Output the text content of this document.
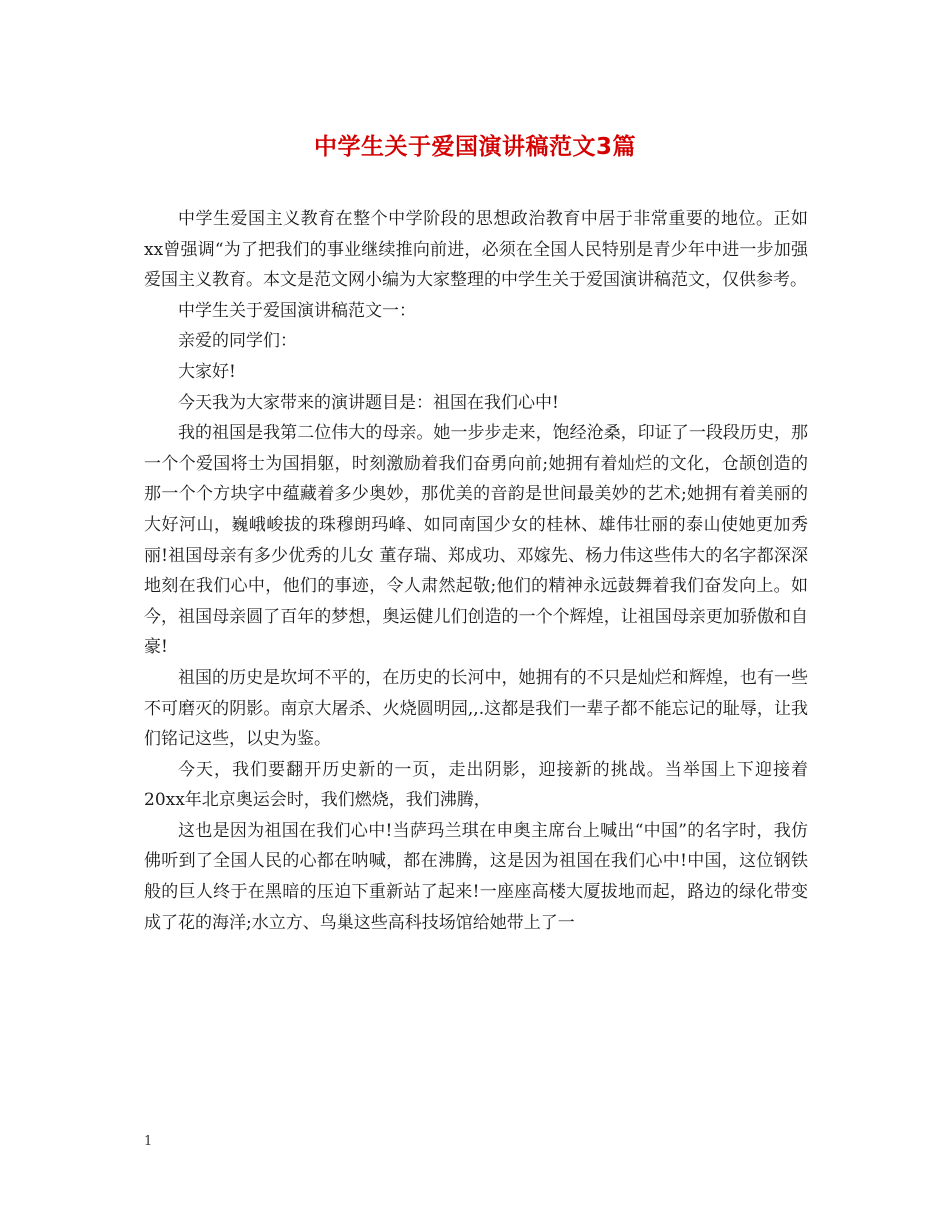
中学生关于爱国演讲稿范文3篇

中学生爱国主义教育在整个中学阶段的思想政治教育中居于非常重要的地位。正如xx曾强调“为了把我们的事业继续推向前进，必须在全国人民特别是青少年中进一步加强爱国主义教育。本文是范文网小编为大家整理的中学生关于爱国演讲稿范文，仅供参考。

中学生关于爱国演讲稿范文一：

亲爱的同学们：

大家好!

今天我为大家带来的演讲题目是：祖国在我们心中!

我的祖国是我第二位伟大的母亲。她一步步走来，饱经沧桑，印证了一段段历史，那一个个爱国将士为国捐躯，时刻激励着我们奋勇向前;她拥有着灿烂的文化，仓颉创造的那一个个方块字中蕴藏着多少奥妙，那优美的音韵是世间最美妙的艺术;她拥有着美丽的大好河山，巍峨峻拔的珠穆朗玛峰、如同南国少女的桂林、雄伟壮丽的泰山使她更加秀丽!祖国母亲有多少优秀的儿女 董存瑞、郑成功、邓嫁先、杨力伟这些伟大的名字都深深地刻在我们心中，他们的事迹，令人肃然起敬;他们的精神永远鼓舞着我们奋发向上。如今，祖国母亲圆了百年的梦想，奥运健儿们创造的一个个辉煌，让祖国母亲更加骄傲和自豪!

祖国的历史是坎坷不平的，在历史的长河中，她拥有的不只是灿烂和辉煌，也有一些不可磨灭的阴影。南京大屠杀、火烧圆明园,,.这都是我们一辈子都不能忘记的耻辱，让我们铭记这些，以史为鉴。

今天，我们要翻开历史新的一页，走出阴影，迎接新的挑战。当举国上下迎接着20xx年北京奥运会时，我们燃烧，我们沸腾，

这也是因为祖国在我们心中!当萨玛兰琪在申奥主席台上喊出“中国”的名字时，我仿佛听到了全国人民的心都在呐喊，都在沸腾，这是因为祖国在我们心中!中国，这位钢铁般的巨人终于在黑暗的压迫下重新站了起来!一座座高楼大厦拔地而起，路边的绿化带变成了花的海洋;水立方、鸟巢这些高科技场馆给她带上了一

1
